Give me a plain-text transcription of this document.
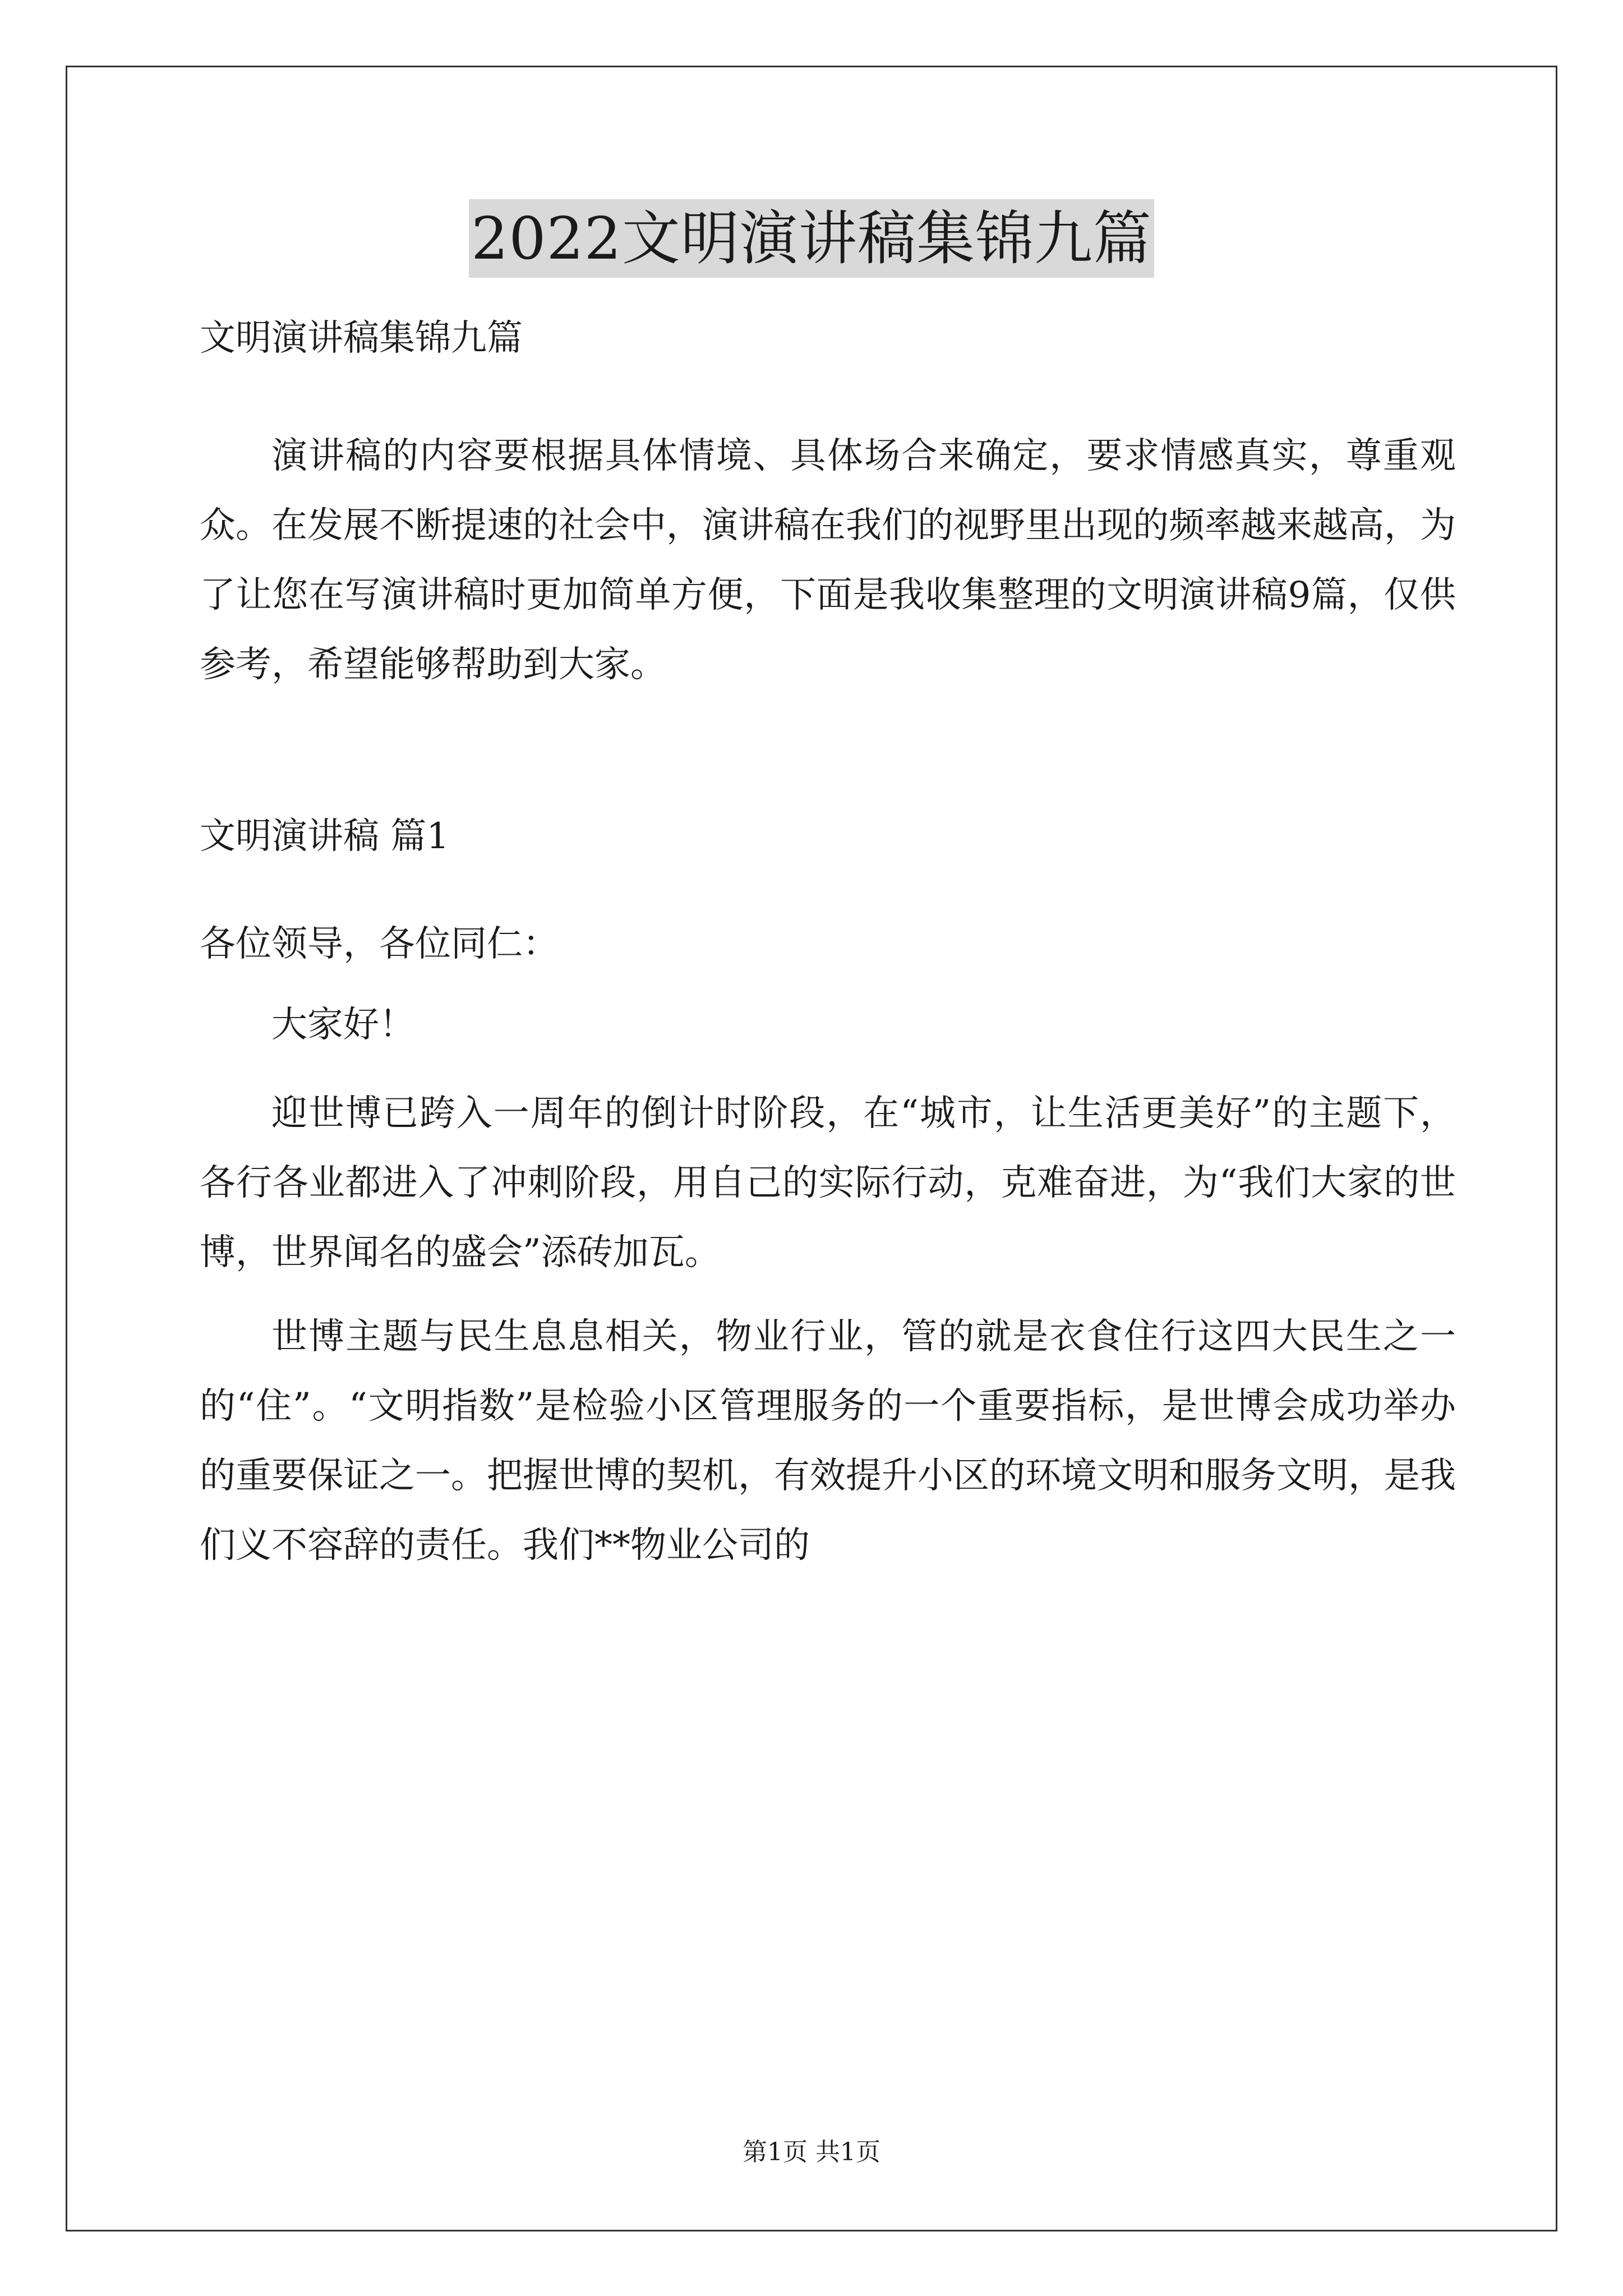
2022文明演讲稿集锦九篇

文明演讲稿集锦九篇

演讲稿的内容要根据具体情境、具体场合来确定，要求情感真实，尊重观众。在发展不断提速的社会中，演讲稿在我们的视野里出现的频率越来越高，为了让您在写演讲稿时更加简单方便，下面是我收集整理的文明演讲稿9篇，仅供参考，希望能够帮助到大家。

文明演讲稿 篇1

各位领导，各位同仁：

大家好！

迎世博已跨入一周年的倒计时阶段，在“城市，让生活更美好”的主题下，各行各业都进入了冲刺阶段，用自己的实际行动，克难奋进，为“我们大家的世博，世界闻名的盛会”添砖加瓦。

世博主题与民生息息相关，物业行业，管的就是衣食住行这四大民生之一的“住”。“文明指数”是检验小区管理服务的一个重要指标，是世博会成功举办的重要保证之一。把握世博的契机，有效提升小区的环境文明和服务文明，是我们义不容辞的责任。我们**物业公司的

第1页 共1页
